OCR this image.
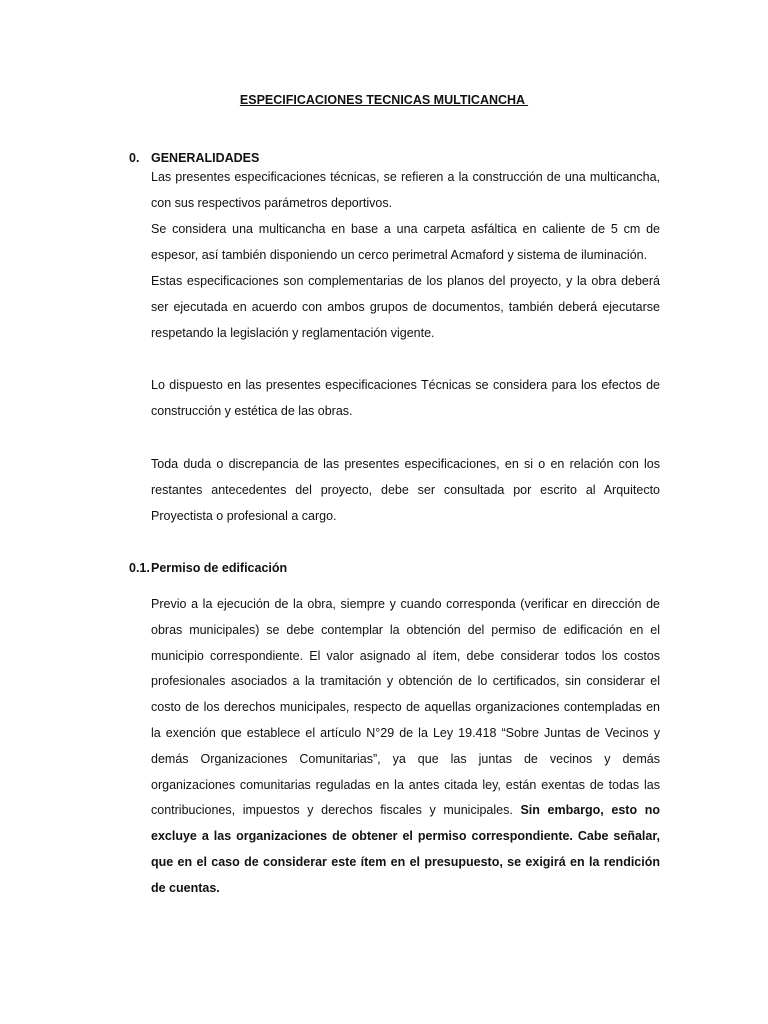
ESPECIFICACIONES TECNICAS MULTICANCHA
0. GENERALIDADES
Las presentes especificaciones técnicas, se refieren a la construcción de una multicancha, con sus respectivos parámetros deportivos.
Se considera una multicancha en base a una carpeta asfáltica en caliente de 5 cm de espesor, así también disponiendo un cerco perimetral Acmaford y sistema de iluminación.
Estas especificaciones son complementarias de los planos del proyecto, y la obra deberá ser ejecutada en acuerdo con ambos grupos de documentos, también deberá ejecutarse respetando la legislación y reglamentación vigente.
Lo dispuesto en las presentes especificaciones Técnicas se considera para los efectos de construcción y estética de las obras.
Toda duda o discrepancia de las presentes especificaciones, en si o en relación con los restantes antecedentes del proyecto, debe ser consultada por escrito al Arquitecto Proyectista o profesional a cargo.
0.1.Permiso de edificación
Previo a la ejecución de la obra, siempre y cuando corresponda (verificar en dirección de obras municipales) se debe contemplar la obtención del permiso de edificación en el municipio correspondiente. El valor asignado al ítem, debe considerar todos los costos profesionales asociados a la tramitación y obtención de lo certificados, sin considerar el costo de los derechos municipales, respecto de aquellas organizaciones contempladas en la exención que establece el artículo N°29 de la Ley 19.418 “Sobre Juntas de Vecinos y demás Organizaciones Comunitarias”, ya que las juntas de vecinos y demás organizaciones comunitarias reguladas en la antes citada ley, están exentas de todas las contribuciones, impuestos y derechos fiscales y municipales. Sin embargo, esto no excluye a las organizaciones de obtener el permiso correspondiente. Cabe señalar, que en el caso de considerar este ítem en el presupuesto, se exigirá en la rendición de cuentas.
